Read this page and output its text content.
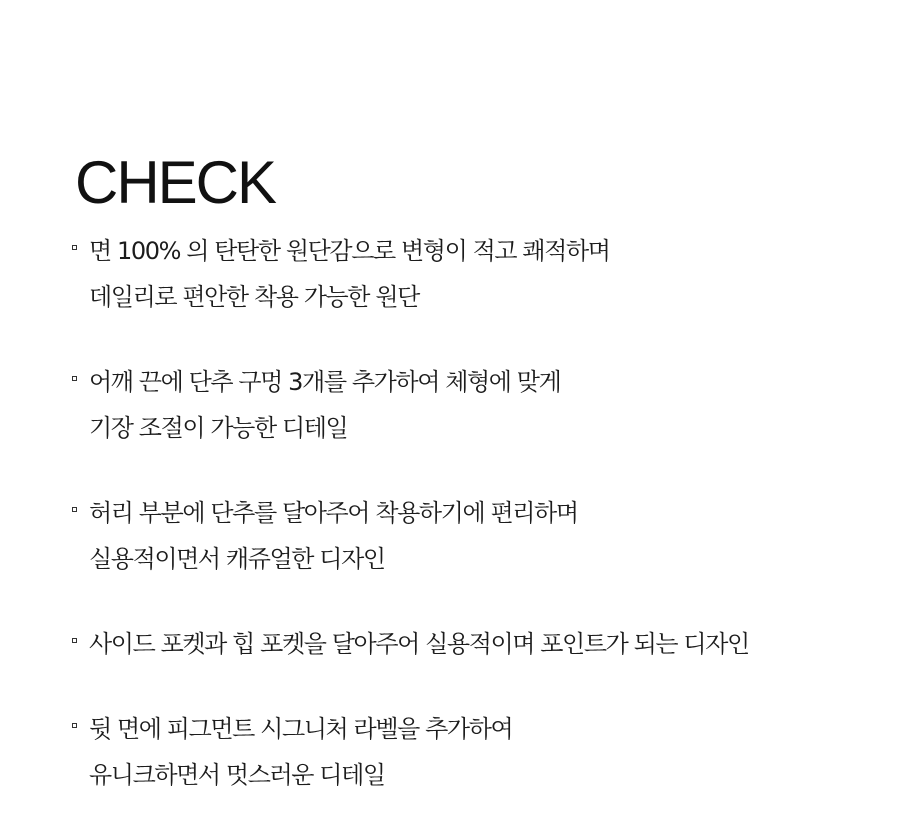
CHECK
면 100% 의 탄탄한 원단감으로 변형이 적고 쾌적하며
데일리로 편안한 착용 가능한 원단
어깨 끈에 단추 구멍 3개를 추가하여 체형에 맞게
기장 조절이 가능한 디테일
허리 부분에 단추를 달아주어 착용하기에 편리하며
실용적이면서 캐쥬얼한 디자인
사이드 포켓과 힙 포켓을 달아주어 실용적이며 포인트가 되는 디자인
뒷 면에 피그먼트 시그니처 라벨을 추가하여
유니크하면서 멋스러운 디테일
